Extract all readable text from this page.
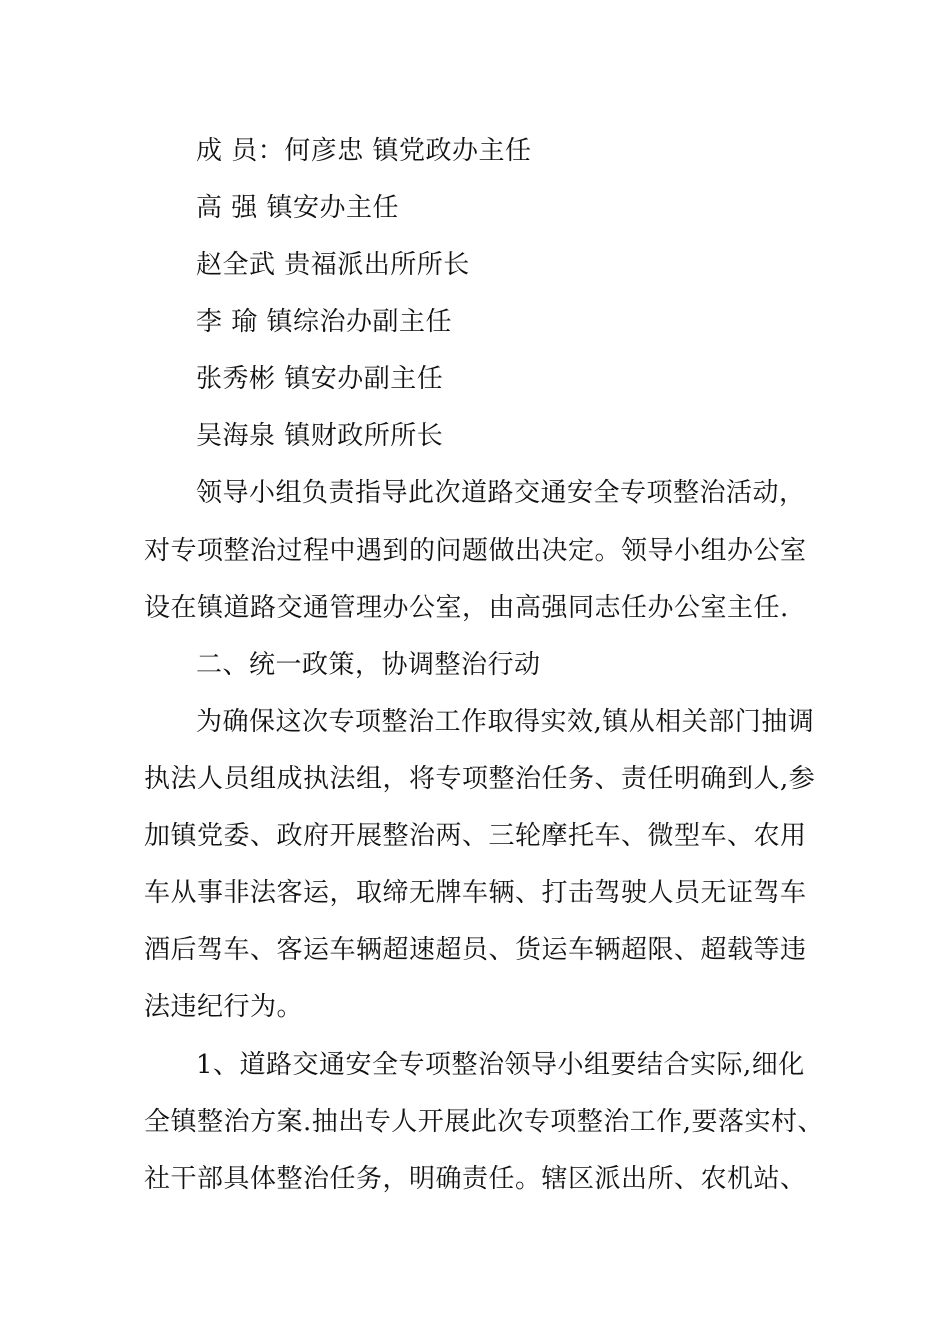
成 员：何彦忠 镇党政办主任
高 强 镇安办主任
赵全武 贵福派出所所长
李 瑜 镇综治办副主任
张秀彬 镇安办副主任
吴海泉 镇财政所所长
领导小组负责指导此次道路交通安全专项整治活动，
对专项整治过程中遇到的问题做出决定。领导小组办公室
设在镇道路交通管理办公室，由高强同志任办公室主任.
二、统一政策，协调整治行动
为确保这次专项整治工作取得实效,镇从相关部门抽调
执法人员组成执法组，将专项整治任务、责任明确到人,参
加镇党委、政府开展整治两、三轮摩托车、微型车、农用
车从事非法客运，取缔无牌车辆、打击驾驶人员无证驾车
酒后驾车、客运车辆超速超员、货运车辆超限、超载等违
法违纪行为。
1、道路交通安全专项整治领导小组要结合实际,细化
全镇整治方案.抽出专人开展此次专项整治工作,要落实村、
社干部具体整治任务，明确责任。辖区派出所、农机站、
